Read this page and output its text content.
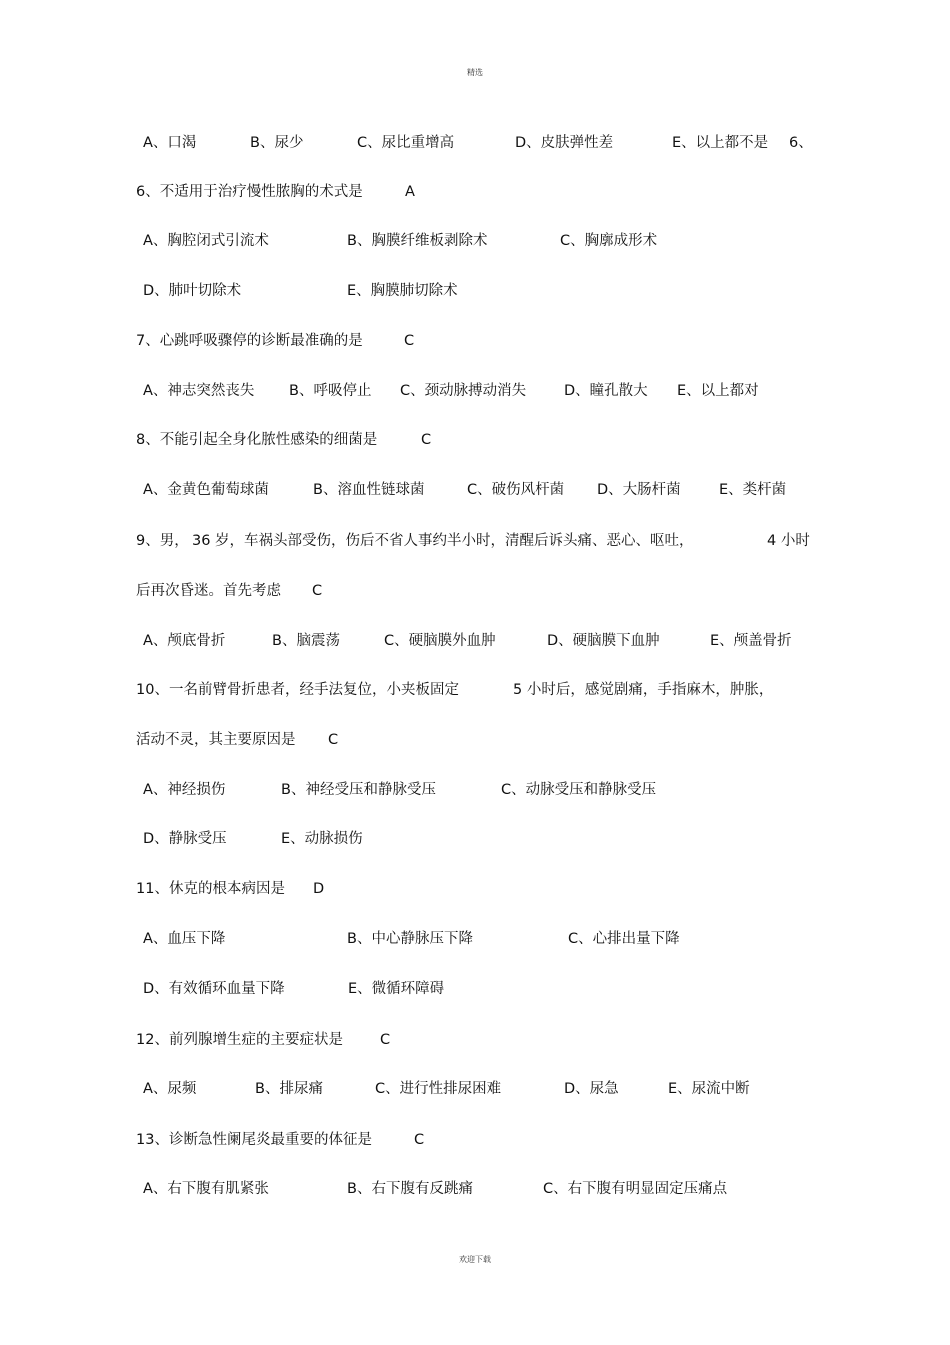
精选
欢迎下载
A、口渴	B、尿少	C、尿比重增高	D、皮肤弹性差	E、以上都不是 6、
6、不适用于治疗慢性脓胸的术式是	A
A、胸腔闭式引流术	B、胸膜纤维板剥除术	C、胸廓成形术
D、肺叶切除术	E、胸膜肺切除术
7、心跳呼吸骤停的诊断最准确的是	C
A、神志突然丧失 B、呼吸停止 C、颈动脉搏动消失	D、瞳孔散大 E、以上都对
8、不能引起全身化脓性感染的细菌是	C
A、金黄色葡萄球菌	B、溶血性链球菌	C、破伤风杆菌 D、大肠杆菌	E、类杆菌
9、男， 36 岁，车祸头部受伤，伤后不省人事约半小时，清醒后诉头痛、恶心、呕吐，	4 小时
后再次昏迷。首先考虑 C
A、颅底骨折	B、脑震荡	C、硬脑膜外血肿	D、硬脑膜下血肿	E、颅盖骨折
10、一名前臂骨折患者，经手法复位，小夹板固定	5 小时后，感觉剧痛，手指麻木，肿胀，
活动不灵，其主要原因是 C
A、神经损伤	B、神经受压和静脉受压	C、动脉受压和静脉受压
D、静脉受压	E、动脉损伤
11、休克的根本病因是 D
A、血压下降	B、中心静脉压下降	C、心排出量下降
D、有效循环血量下降	E、微循环障碍
12、前列腺增生症的主要症状是	C
A、尿频	B、排尿痛	C、进行性排尿困难	D、尿急	E、尿流中断
13、诊断急性阑尾炎最重要的体征是	C
A、右下腹有肌紧张	B、右下腹有反跳痛	C、右下腹有明显固定压痛点
